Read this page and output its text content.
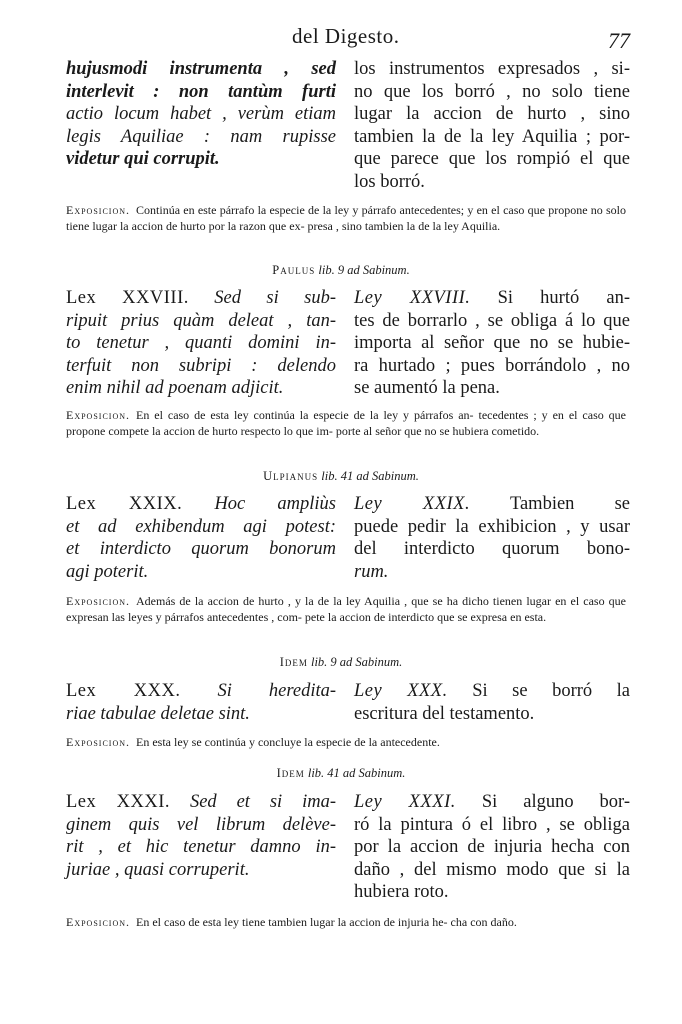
del Digesto.	77
hujusmodi instrumenta , sed
interlevit : non tantùm furti
actio locum habet , verùm etiam
legis Aquiliae : nam rupisse
videtur qui corrupit.
los instrumentos expresados , si-
no que los borró , no solo tiene
lugar la accion de hurto , sino
tambien la de la ley Aquilia ; por-
que parece que los rompió el que
los borró.
Exposicion. Continúa en este párrafo la especie de la ley y párrafo antecedentes; y en el caso que propone no solo tiene lugar la accion de hurto por la razon que ex- presa , sino tambien la de la ley Aquilia.
Paulus lib. 9 ad Sabinum.
Lex XXVIII. Sed si sub-
ripuit prius quàm deleat , tan-
to tenetur , quanti domini in-
terfuit non subripi : delendo
enim nihil ad poenam adjicit.
Ley XXVIII. Si hurtó an-
tes de borrarlo , se obliga á lo que
importa al señor que no se hubie-
ra hurtado ; pues borrándolo , no
se aumentó la pena.
Exposicion. En el caso de esta ley continúa la especie de la ley y párrafos an- tecedentes ; y en el caso que propone compete la accion de hurto respecto lo que im- porte al señor que no se hubiera cometido.
Ulpianus lib. 41 ad Sabinum.
Lex XXIX. Hoc ampliùs
et ad exhibendum agi potest:
et interdicto quorum bonorum
agi poterit.
Ley XXIX. Tambien se
puede pedir la exhibicion , y usar
del interdicto quorum bono-
rum.
Exposicion. Además de la accion de hurto , y la de la ley Aquilia , que se ha dicho tienen lugar en el caso que expresan las leyes y párrafos antecedentes , com- pete la accion de interdicto que se expresa en esta.
Idem lib. 9 ad Sabinum.
Lex XXX. Si heredita-
riae tabulae deletae sint.
Ley XXX. Si se borró la
escritura del testamento.
Exposicion. En esta ley se continúa y concluye la especie de la antecedente.
Idem lib. 41 ad Sabinum.
Lex XXXI. Sed et si ima-
ginem quis vel librum delève-
rit , et hic tenetur damno in-
juriae , quasi corruperit.
Ley XXXI. Si alguno bor-
ró la pintura ó el libro , se obliga
por la accion de injuria hecha con
daño , del mismo modo que si la
hubiera roto.
Exposicion. En el caso de esta ley tiene tambien lugar la accion de injuria he- cha con daño.
